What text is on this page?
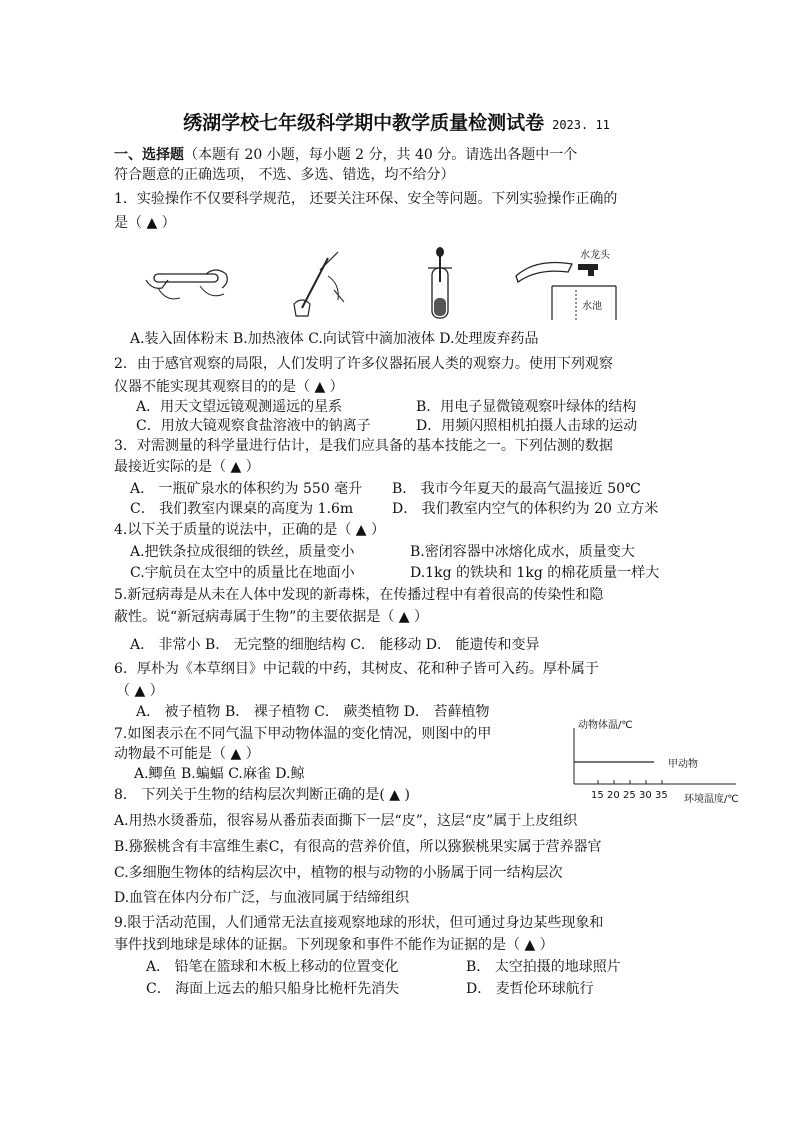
绣湖学校七年级科学期中教学质量检测试卷 2023. 11
一、选择题（本题有 20 小题，每小题 2 分，共 40 分。请选出各题中一个
符合题意的正确选项， 不选、多选、错选，均不给分）
1．实验操作不仅要科学规范， 还要关注环保、安全等问题。下列实验操作正确的
是（ ▲ ）
水龙头
水池
A.装入固体粉末 B.加热液体 C.向试管中滴加液体 D.处理废弃药品
2．由于感官观察的局限，人们发明了许多仪器拓展人类的观察力。使用下列观察
仪器不能实现其观察目的的是（ ▲ ）
A．用天文望远镜观测遥远的星系	B．用电子显微镜观察叶绿体的结构
C．用放大镜观察食盐溶液中的钠离子	D．用频闪照相机拍摄人击球的运动
3．对需测量的科学量进行估计，是我们应具备的基本技能之一。下列估测的数据
最接近实际的是（ ▲ ）
A． 一瓶矿泉水的体积约为 550 毫升 B． 我市今年夏天的最高气温接近 50℃
C． 我们教室内课桌的高度为 1.6m	D． 我们教室内空气的体积约为 20 立方米
4.以下关于质量的说法中，正确的是（ ▲ ）
A.把铁条拉成很细的铁丝，质量变小	B.密闭容器中冰熔化成水，质量变大
C.宇航员在太空中的质量比在地面小	D.1kg 的铁块和 1kg 的棉花质量一样大
5.新冠病毒是从未在人体中发现的新毒株，在传播过程中有着很高的传染性和隐
蔽性。说“新冠病毒属于生物”的主要依据是（ ▲ ）
A． 非常小 B． 无完整的细胞结构 C． 能移动 D． 能遗传和变异
6．厚朴为《本草纲目》中记载的中药，其树皮、花和种子皆可入药。厚朴属于
（ ▲ ）
A． 被子植物 B． 裸子植物 C． 蕨类植物 D． 苔藓植物
7.如图表示在不同气温下甲动物体温的变化情况，则图中的甲
动物最不可能是（ ▲ ）
A.鲫鱼 B.蝙蝠 C.麻雀 D.鲸
动物体温/℃
甲动物
15 20 25 30 35 环境温度/℃
8． 下列关于生物的结构层次判断正确的是( ▲ )
A.用热水烫番茄，很容易从番茄表面撕下一层“皮”，这层“皮”属于上皮组织
B.猕猴桃含有丰富维生素C，有很高的营养价值，所以猕猴桃果实属于营养器官
C.多细胞生物体的结构层次中，植物的根与动物的小肠属于同一结构层次
D.血管在体内分布广泛，与血液同属于结缔组织
9.限于活动范围，人们通常无法直接观察地球的形状，但可通过身边某些现象和
事件找到地球是球体的证据。下列现象和事件不能作为证据的是（ ▲ ）
A． 铅笔在篮球和木板上移动的位置变化	B． 太空拍摄的地球照片
C． 海面上远去的船只船身比桅杆先消失	D． 麦哲伦环球航行
